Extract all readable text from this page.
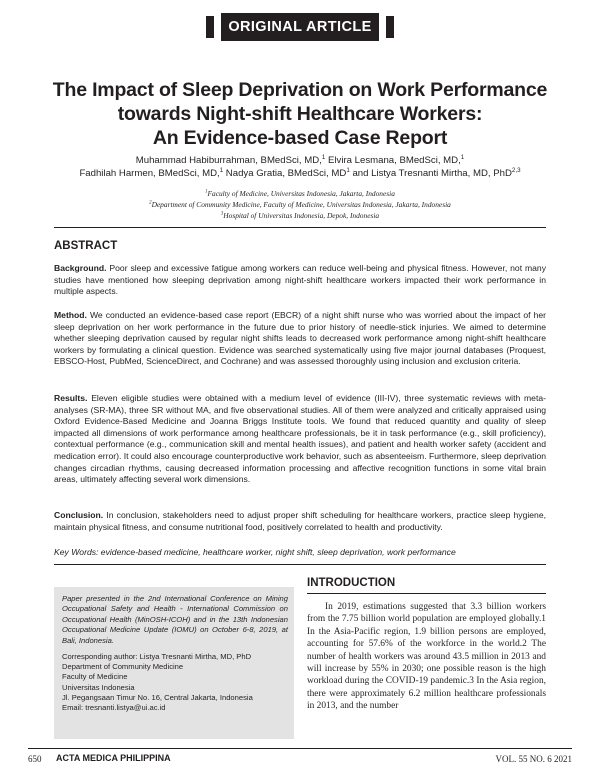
ORIGINAL ARTICLE
The Impact of Sleep Deprivation on Work Performance
towards Night-shift Healthcare Workers:
An Evidence-based Case Report
Muhammad Habiburrahman, BMedSci, MD,$^1$ Elvira Lesmana, BMedSci, MD,$^1$
Fadhilah Harmen, BMedSci, MD,$^1$ Nadya Gratia, BMedSci, $MD^1$ and Listya Tresnanti Mirtha, MD, PhD$^{2,3}$
$^1$Faculty of Medicine, Universitas Indonesia, Jakarta, Indonesia
$^2$Department of Community Medicine, Faculty of Medicine, Universitas Indonesia, Jakarta, Indonesia
$^3$Hospital of Universitas Indonesia, Depok, Indonesia
ABSTRACT
Background. Poor sleep and excessive fatigue among workers can reduce well-being and physical fitness. However, not many studies have mentioned how sleeping deprivation among night-shift healthcare workers impacted their work performance in multiple aspects.
Method. We conducted an evidence-based case report (EBCR) of a night shift nurse who was worried about the impact of her sleep deprivation on her work performance in the future due to prior history of needle-stick injuries. We aimed to determine whether sleeping deprivation caused by regular night shifts leads to decreased work performance among night-shift healthcare workers by formulating a clinical question. Evidence was searched systematically using five major journal databases (Proquest, EBSCO-Host, PubMed, ScienceDirect, and Cochrane) and was assessed thoroughly using inclusion and exclusion criteria.
Results. Eleven eligible studies were obtained with a medium level of evidence (III-IV), three systematic reviews with meta-analyses (SR-MA), three SR without MA, and five observational studies. All of them were analyzed and critically appraised using Oxford Evidence-Based Medicine and Joanna Briggs Institute tools. We found that reduced quantity and quality of sleep impacted all dimensions of work performance among healthcare professionals, be it in task performance (e.g., skill proficiency), contextual performance (e.g., communication skill and mental health issues), and patient and health worker safety (accident and medication error). It could also encourage counterproductive work behavior, such as absenteeism. Furthermore, sleep deprivation changes circadian rhythms, causing decreased information processing and affective recognition functions in some vital brain areas, ultimately affecting several work dimensions.
Conclusion. In conclusion, stakeholders need to adjust proper shift scheduling for healthcare workers, practice sleep hygiene, maintain physical fitness, and consume nutritional food, positively correlated to health and productivity.
Key Words: evidence-based medicine, healthcare worker, night shift, sleep deprivation, work performance
Paper presented in the 2nd International Conference on Mining Occupational Safety and Health - International Commission on Occupational Health (MinOSH-ICOH) and in the 13th Indonesian Occupational Medicine Update (IOMU) on October 6-8, 2019, at Bali, Indonesia.
Corresponding author: Listya Tresnanti Mirtha, MD, PhD
Department of Community Medicine
Faculty of Medicine
Universitas Indonesia
Jl. Pegangsaan Timur No. 16, Central Jakarta, Indonesia
Email: tresnanti.listya@ui.ac.id
INTRODUCTION
In 2019, estimations suggested that 3.3 billion workers from the 7.75 billion world population are employed globally.1 In the Asia-Pacific region, 1.9 billion persons are employed, accounting for 57.6% of the workforce in the world.2 The number of health workers was around 43.5 million in 2013 and will increase by 55% in 2030; one possible reason is the high workload during the COVID-19 pandemic.3 In the Asia region, there were approximately 6.2 million healthcare professionals in 2013, and the number
650 ACTA MEDICA PHILIPPINA	VOL. 55 NO. 6 2021
